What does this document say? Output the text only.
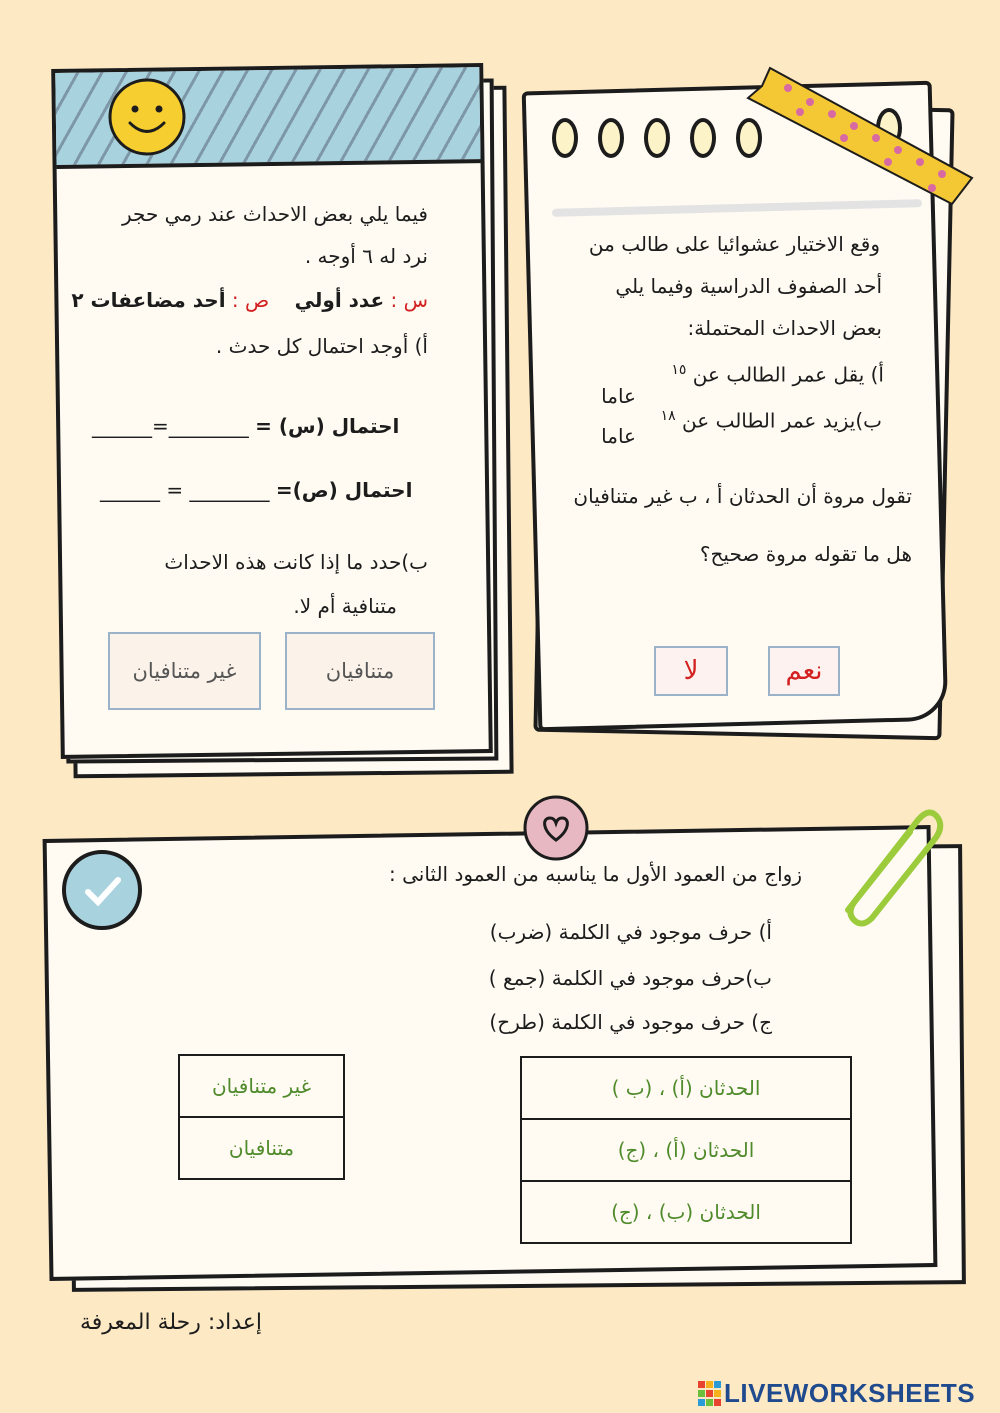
فيما يلي بعض الاحداث عند رمي حجر
نرد له ٦ أوجه .
س : عدد أولي    ص : أحد مضاعفات ٢
أ) أوجد احتمال كل حدث .
______=________ احتمال (س) =
______ = ________ احتمال (ص)=
ب)حدد ما إذا كانت هذه الاحداث
متنافية أم لا.
متنافيان
غير متنافيان
وقع الاختيار عشوائيا على طالب من
أحد الصفوف الدراسية وفيما يلي
بعض الاحداث المحتملة:
أ) يقل عمر الطالب عن $^{١٥}$
عاما
ب)يزيد عمر الطالب عن $^{١٨}$
عاما
تقول مروة أن الحدثان أ ، ب غير متنافيان
هل ما تقوله مروة صحيح؟
نعم
لا
زواج من العمود الأول ما يناسبه من العمود الثانى :
أ) حرف موجود في الكلمة (ضرب)
ب)حرف موجود في الكلمة (جمع )
ج) حرف موجود في الكلمة (طرح)
الحدثان (أ) ، (ب )
الحدثان (أ) ، (ج)
الحدثان (ب) ، (ج)
غير متنافيان
متنافيان
إعداد: رحلة المعرفة
LIVEWORKSHEETS
